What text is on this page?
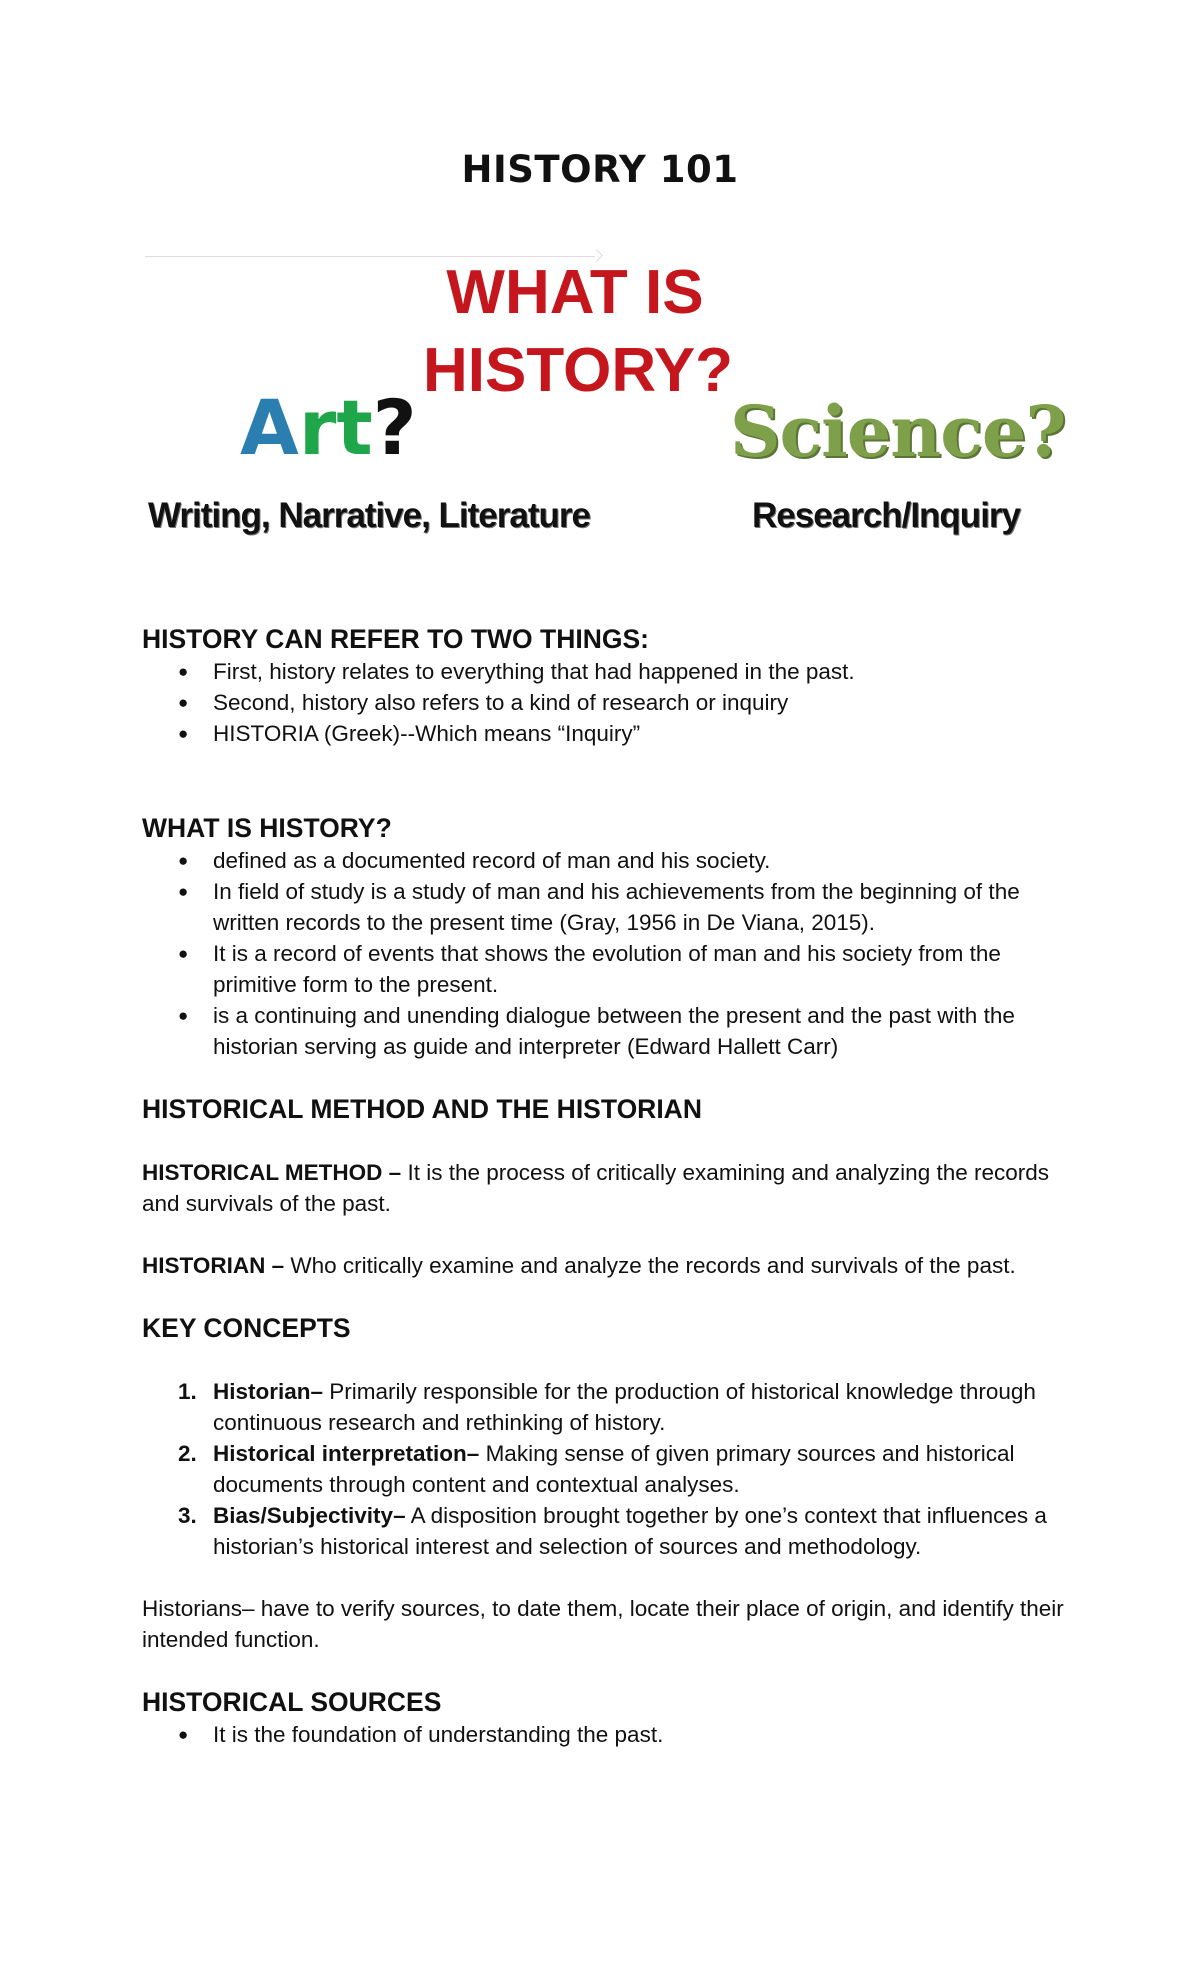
HISTORY 101
WHAT IS
HISTORY?
Art?	Science?
Writing, Narrative, Literature	Research/Inquiry
HISTORY CAN REFER TO TWO THINGS:
● First, history relates to everything that had happened in the past.
● Second, history also refers to a kind of research or inquiry
● HISTORIA (Greek)--Which means “Inquiry”
WHAT IS HISTORY?
● defined as a documented record of man and his society.
● In field of study is a study of man and his achievements from the beginning of the written records to the present time (Gray, 1956 in De Viana, 2015).
● It is a record of events that shows the evolution of man and his society from the primitive form to the present.
● is a continuing and unending dialogue between the present and the past with the historian serving as guide and interpreter (Edward Hallett Carr)
HISTORICAL METHOD AND THE HISTORIAN

HISTORICAL METHOD – It is the process of critically examining and analyzing the records and survivals of the past.

HISTORIAN – Who critically examine and analyze the records and survivals of the past.

KEY CONCEPTS
1. Historian– Primarily responsible for the production of historical knowledge through continuous research and rethinking of history.
2. Historical interpretation– Making sense of given primary sources and historical documents through content and contextual analyses.
3. Bias/Subjectivity– A disposition brought together by one’s context that influences a historian’s historical interest and selection of sources and methodology.

Historians– have to verify sources, to date them, locate their place of origin, and identify their intended function.

HISTORICAL SOURCES
● It is the foundation of understanding the past.
